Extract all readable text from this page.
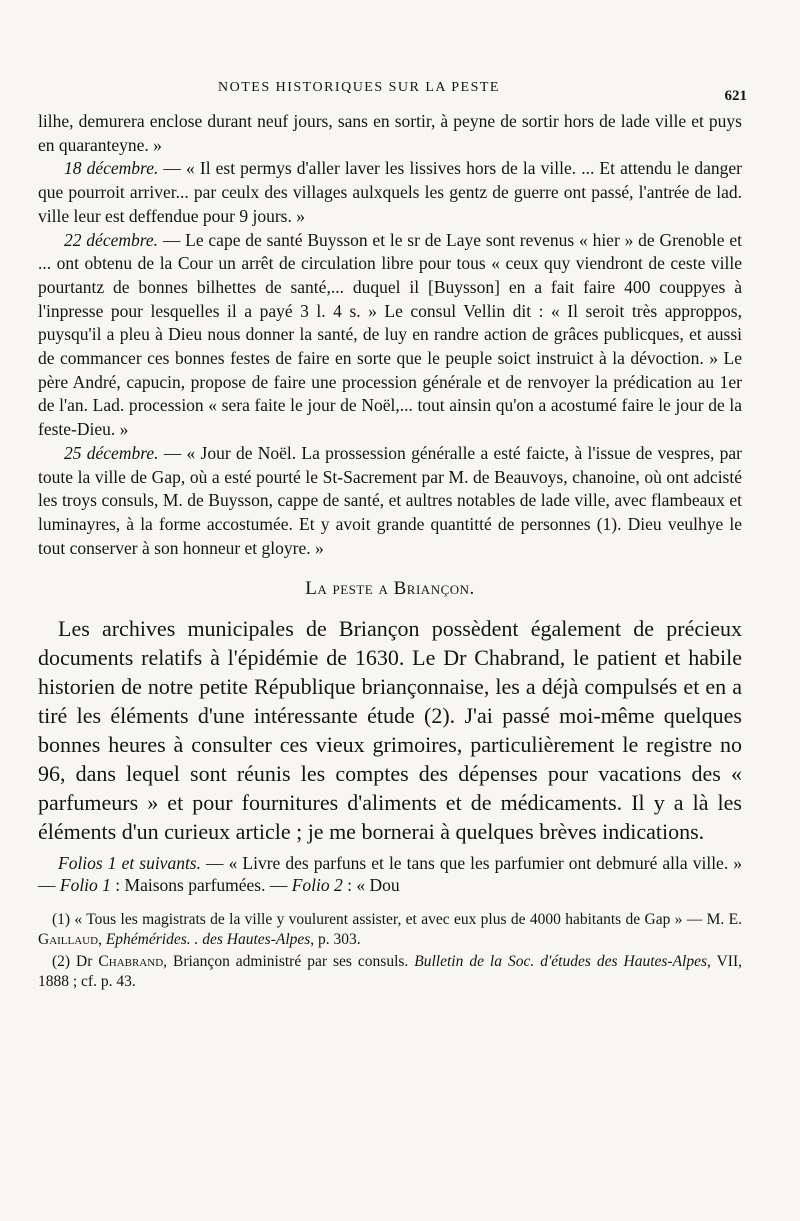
NOTES HISTORIQUES SUR LA PESTE
621

lilhe, demurera enclose durant neuf jours, sans en sortir, à peyne de sortir hors de lade ville et puys en quaranteyne. »

18 décembre. — « Il est permys d'aller laver les lissives hors de la ville. ... Et attendu le danger que pourroit arriver... par ceulx des villages aulxquels les gentz de guerre ont passé, l'antrée de lad. ville leur est deffendue pour 9 jours. »

22 décembre. — Le cape de santé Buysson et le sr de Laye sont revenus « hier » de Grenoble et ... ont obtenu de la Cour un arrêt de circulation libre pour tous « ceux quy viendront de ceste ville pourtantz de bonnes bilhettes de santé,... duquel il [Buysson] en a fait faire 400 couppyes à l'inpresse pour lesquelles il a payé 3 l. 4 s. » Le consul Vellin dit : « Il seroit très approppos, puysqu'il a pleu à Dieu nous donner la santé, de luy en randre action de grâces publicques, et aussi de commancer ces bonnes festes de faire en sorte que le peuple soict instruict à la dévoction. » Le père André, capucin, propose de faire une procession générale et de renvoyer la prédication au 1er de l'an. Lad. procession « sera faite le jour de Noël,... tout ainsin qu'on a acostumé faire le jour de la feste-Dieu. »

25 décembre. — « Jour de Noël. La prossession généralle a esté faicte, à l'issue de vespres, par toute la ville de Gap, où a esté pourté le St-Sacrement par M. de Beauvoys, chanoine, où ont adcisté les troys consuls, M. de Buysson, cappe de santé, et aultres notables de lade ville, avec flambeaux et luminayres, à la forme accostumée. Et y avoit grande quantitté de personnes (1). Dieu veulhye le tout conserver à son honneur et gloyre. »

La peste a Briançon.

Les archives municipales de Briançon possèdent également de précieux documents relatifs à l'épidémie de 1630. Le Dr Chabrand, le patient et habile historien de notre petite République briançonnaise, les a déjà compulsés et en a tiré les éléments d'une intéressante étude (2). J'ai passé moi-même quelques bonnes heures à consulter ces vieux grimoires, particulièrement le registre no 96, dans lequel sont réunis les comptes des dépenses pour vacations des « parfumeurs » et pour fournitures d'aliments et de médicaments. Il y a là les éléments d'un curieux article ; je me bornerai à quelques brèves indications.

Folios 1 et suivants. — « Livre des parfuns et le tans que les parfumier ont debmuré alla ville. » — Folio 1 : Maisons parfumées. — Folio 2 : « Dou

(1) « Tous les magistrats de la ville y voulurent assister, et avec eux plus de 4000 habitants de Gap » — M. E. Gaillaud, Ephémérides. . des Hautes-Alpes, p. 303.

(2) Dr Chabrand, Briançon administré par ses consuls. Bulletin de la Soc. d'études des Hautes-Alpes, VII, 1888 ; cf. p. 43.
